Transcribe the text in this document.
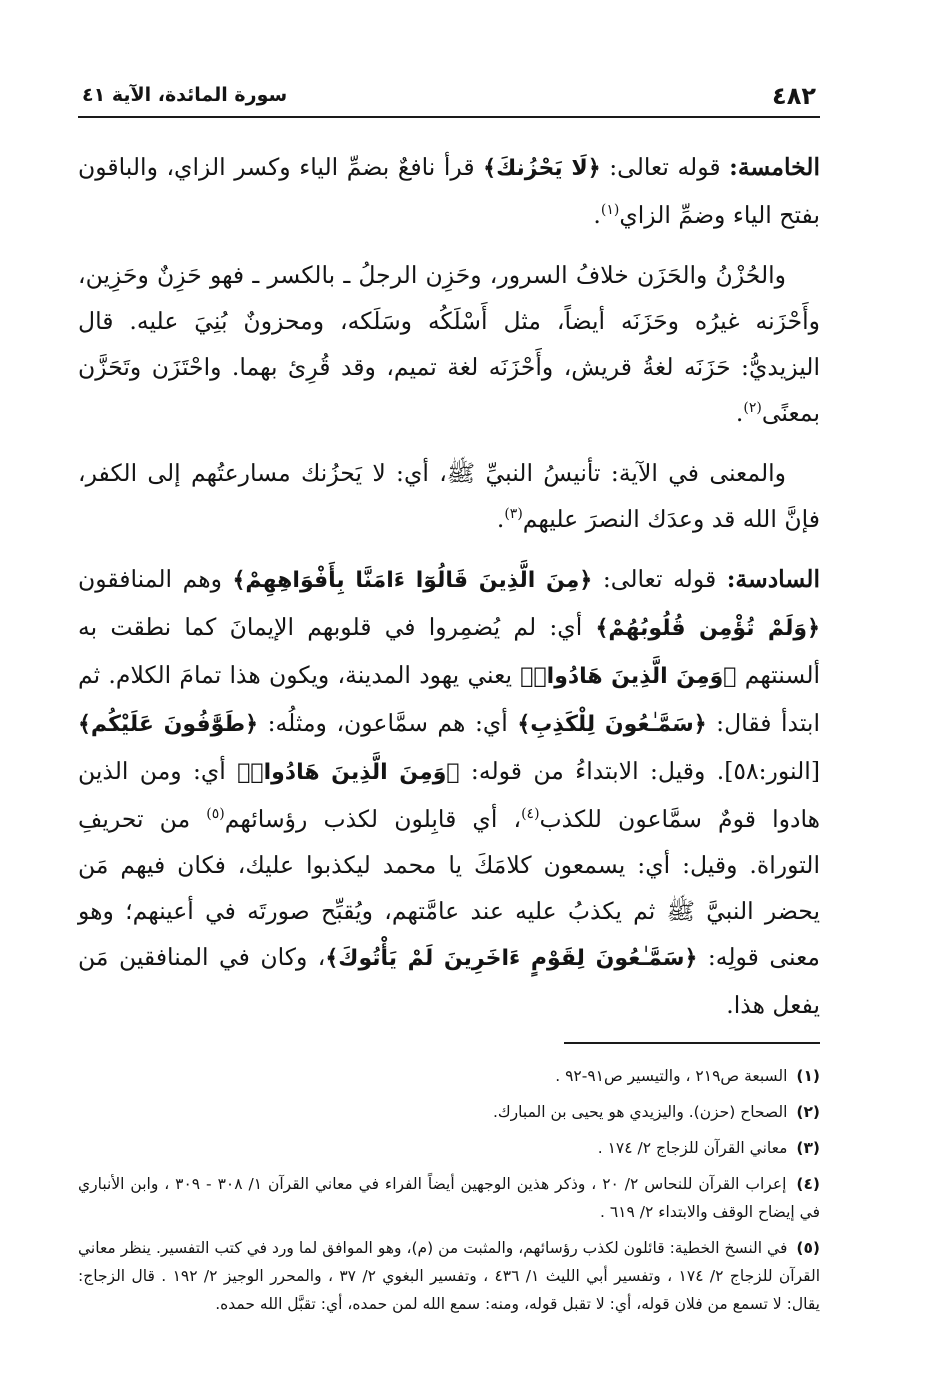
٤٨٢
سورة المائدة، الآية ٤١

الخامسة: قوله تعالى: ﴿لَا يَحْزُنكَ﴾ قرأ نافعٌ بضمِّ الياء وكسر الزاي، والباقون بفتح الياء وضمِّ الزاي$^{(١)}$.

والحُزْنُ والحَزَن خلافُ السرور، وحَزِن الرجلُ ـ بالكسر ـ فهو حَزِنٌ وحَزِين، وأَحْزَنه غيرُه وحَزَنَه أيضاً، مثل أَسْلَكُه وسَلَكه، ومحزونٌ بُنِيَ عليه. قال اليزيديُّ: حَزَنَه لغةُ قريش، وأَحْزَنَه لغة تميم، وقد قُرِئ بهما. واحْتَزَن وتَحَزَّن بمعنًى$^{(٢)}$.

والمعنى في الآية: تأنيسُ النبيِّ ﷺ، أي: لا يَحزُنك مسارعتُهم إلى الكفر، فإنَّ الله قد وعدَك النصرَ عليهم$^{(٣)}$.

السادسة: قوله تعالى: ﴿مِنَ الَّذِينَ قَالُوٓا ءَامَنَّا بِأَفْوَاهِهِمْ﴾ وهم المنافقون ﴿وَلَمْ تُؤْمِن قُلُوبُهُمْ﴾ أي: لم يُضمِروا في قلوبهم الإيمانَ كما نطقت به ألسنتهم ﴿وَمِنَ الَّذِينَ هَادُوا۟﴾ يعني يهود المدينة، ويكون هذا تمامَ الكلام. ثم ابتدأ فقال: ﴿سَمَّـٰعُونَ لِلْكَذِبِ﴾ أي: هم سمَّاعون، ومثلُه: ﴿طَوَّٰفُونَ عَلَيْكُم﴾ [النور:٥٨]. وقيل: الابتداءُ من قوله: ﴿وَمِنَ الَّذِينَ هَادُوا۟﴾ أي: ومن الذين هادوا قومٌ سمَّاعون للكذب$^{(٤)}$، أي قابِلون لكذب رؤسائهم$^{(٥)}$ من تحريفِ التوراة. وقيل: أي: يسمعون كلامَكَ يا محمد ليكذبوا عليك، فكان فيهم مَن يحضر النبيَّ ﷺ ثم يكذبُ عليه عند عامَّتهم، ويُقبِّح صورتَه في أعينهم؛ وهو معنى قولِه: ﴿سَمَّـٰعُونَ لِقَوْمٍ ءَاخَرِينَ لَمْ يَأْتُوكَ﴾، وكان في المنافقين مَن يفعل هذا.

(١) السبعة ص٢١٩ ، والتيسير ص٩١-٩٢ .

(٢) الصحاح (حزن). واليزيدي هو يحيى بن المبارك.

(٣) معاني القرآن للزجاج ٢/ ١٧٤ .

(٤) إعراب القرآن للنحاس ٢/ ٢٠ ، وذكر هذين الوجهين أيضاً الفراء في معاني القرآن ١/ ٣٠٨ - ٣٠٩ ، وابن الأنباري في إيضاح الوقف والابتداء ٢/ ٦١٩ .

(٥) في النسخ الخطية: قائلون لكذب رؤسائهم، والمثبت من (م)، وهو الموافق لما ورد في كتب التفسير. ينظر معاني القرآن للزجاج ٢/ ١٧٤ ، وتفسير أبي الليث ١/ ٤٣٦ ، وتفسير البغوي ٢/ ٣٧ ، والمحرر الوجيز ٢/ ١٩٢ . قال الزجاج: يقال: لا تسمع من فلان قوله، أي: لا تقبل قوله، ومنه: سمع الله لمن حمده، أي: تقبَّل الله حمده.
